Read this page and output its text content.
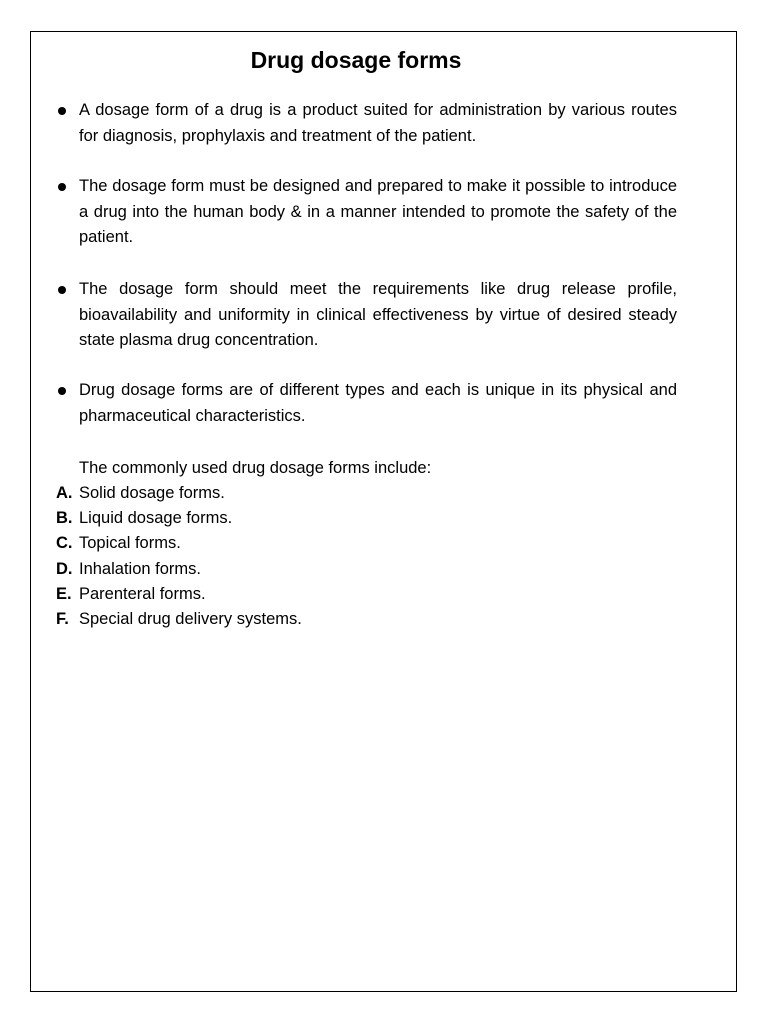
Drug dosage forms

A dosage form of a drug is a product suited for administration by various routes for diagnosis, prophylaxis and treatment of the patient.

The dosage form must be designed and prepared to make it possible to introduce a drug into the human body & in a manner intended to promote the safety of the patient.

The dosage form should meet the requirements like drug release profile, bioavailability and uniformity in clinical effectiveness by virtue of desired steady state plasma drug concentration.

Drug dosage forms are of different types and each is unique in its physical and pharmaceutical characteristics.

The commonly used drug dosage forms include:

A. Solid dosage forms.
B. Liquid dosage forms.
C. Topical forms.
D. Inhalation forms.
E. Parenteral forms.
F. Special drug delivery systems.
